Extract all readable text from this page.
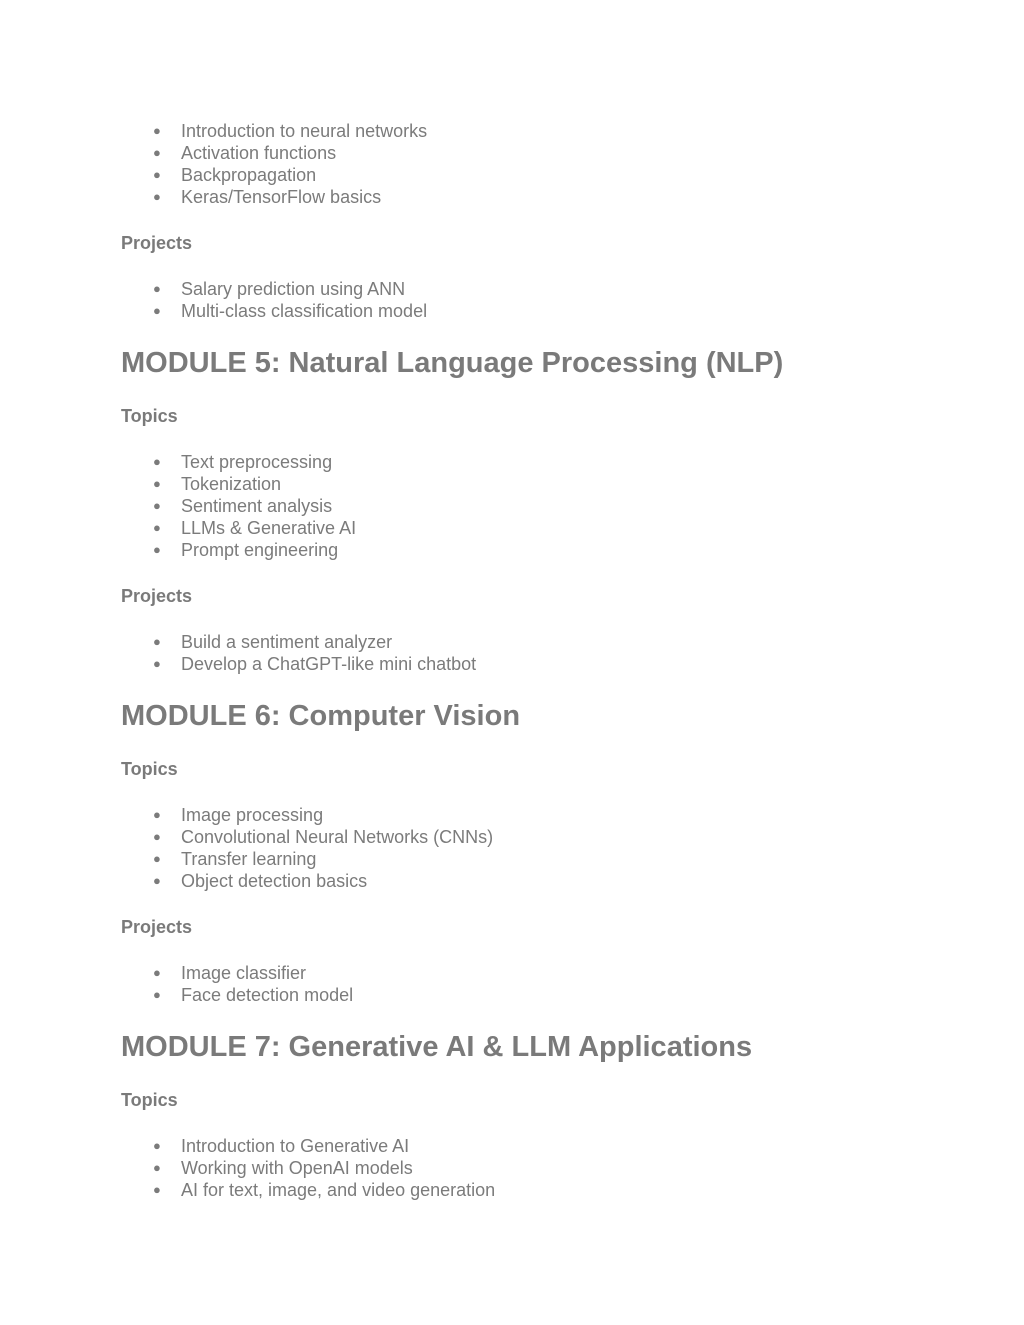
● Introduction to neural networks
● Activation functions
● Backpropagation
● Keras/TensorFlow basics

Projects

● Salary prediction using ANN
● Multi-class classification model
MODULE 5: Natural Language Processing (NLP)

Topics

● Text preprocessing
● Tokenization
● Sentiment analysis
● LLMs & Generative AI
● Prompt engineering

Projects

● Build a sentiment analyzer
● Develop a ChatGPT-like mini chatbot
MODULE 6: Computer Vision

Topics

● Image processing
● Convolutional Neural Networks (CNNs)
● Transfer learning
● Object detection basics

Projects

● Image classifier
● Face detection model
MODULE 7: Generative AI & LLM Applications

Topics

● Introduction to Generative AI
● Working with OpenAI models
● AI for text, image, and video generation
